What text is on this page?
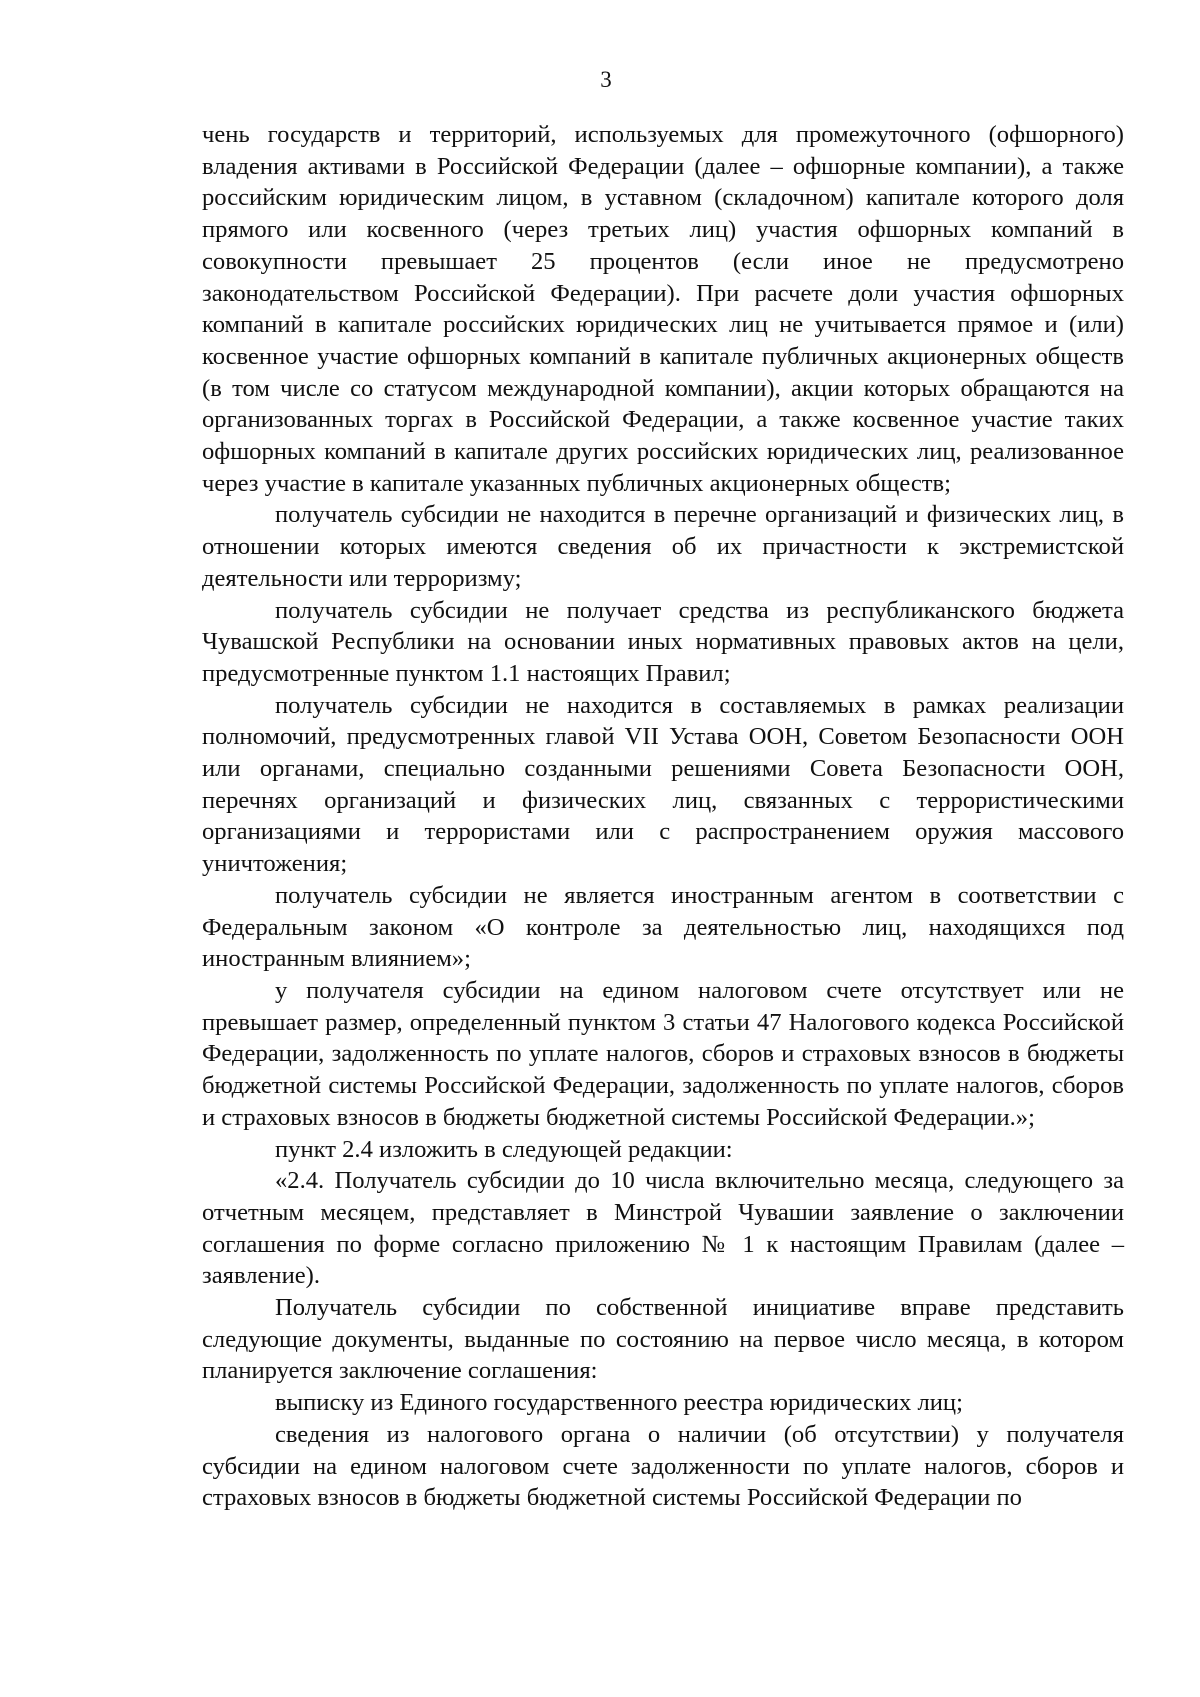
3

чень государств и территорий, используемых для промежуточного (офшорного) владения активами в Российской Федерации (далее – офшорные компании), а также российским юридическим лицом, в уставном (складочном) капитале которого доля прямого или косвенного (через третьих лиц) участия офшорных компаний в совокупности превышает 25 процентов (если иное не предусмотрено законодательством Российской Федерации). При расчете доли участия офшорных компаний в капитале российских юридических лиц не учитывается прямое и (или) косвенное участие офшорных компаний в капитале публичных акционерных обществ (в том числе со статусом международной компании), акции которых обращаются на организованных торгах в Российской Федерации, а также косвенное участие таких офшорных компаний в капитале других российских юридических лиц, реализованное через участие в капитале указанных публичных акционерных обществ;

получатель субсидии не находится в перечне организаций и физических лиц, в отношении которых имеются сведения об их причастности к экстремистской деятельности или терроризму;

получатель субсидии не получает средства из республиканского бюджета Чувашской Республики на основании иных нормативных правовых актов на цели, предусмотренные пунктом 1.1 настоящих Правил;

получатель субсидии не находится в составляемых в рамках реализации полномочий, предусмотренных главой VII Устава ООН, Советом Безопасности ООН или органами, специально созданными решениями Совета Безопасности ООН, перечнях организаций и физических лиц, связанных с террористическими организациями и террористами или с распространением оружия массового уничтожения;

получатель субсидии не является иностранным агентом в соответствии с Федеральным законом «О контроле за деятельностью лиц, находящихся под иностранным влиянием»;

у получателя субсидии на едином налоговом счете отсутствует или не превышает размер, определенный пунктом 3 статьи 47 Налогового кодекса Российской Федерации, задолженность по уплате налогов, сборов и страховых взносов в бюджеты бюджетной системы Российской Федерации, задолженность по уплате налогов, сборов и страховых взносов в бюджеты бюджетной системы Российской Федерации.»;

пункт 2.4 изложить в следующей редакции:

«2.4. Получатель субсидии до 10 числа включительно месяца, следующего за отчетным месяцем, представляет в Минстрой Чувашии заявление о заключении соглашения по форме согласно приложению № 1 к настоящим Правилам (далее – заявление).

Получатель субсидии по собственной инициативе вправе представить следующие документы, выданные по состоянию на первое число месяца, в котором планируется заключение соглашения:

выписку из Единого государственного реестра юридических лиц;

сведения из налогового органа о наличии (об отсутствии) у получателя субсидии на едином налоговом счете задолженности по уплате налогов, сборов и страховых взносов в бюджеты бюджетной системы Российской Федерации по
